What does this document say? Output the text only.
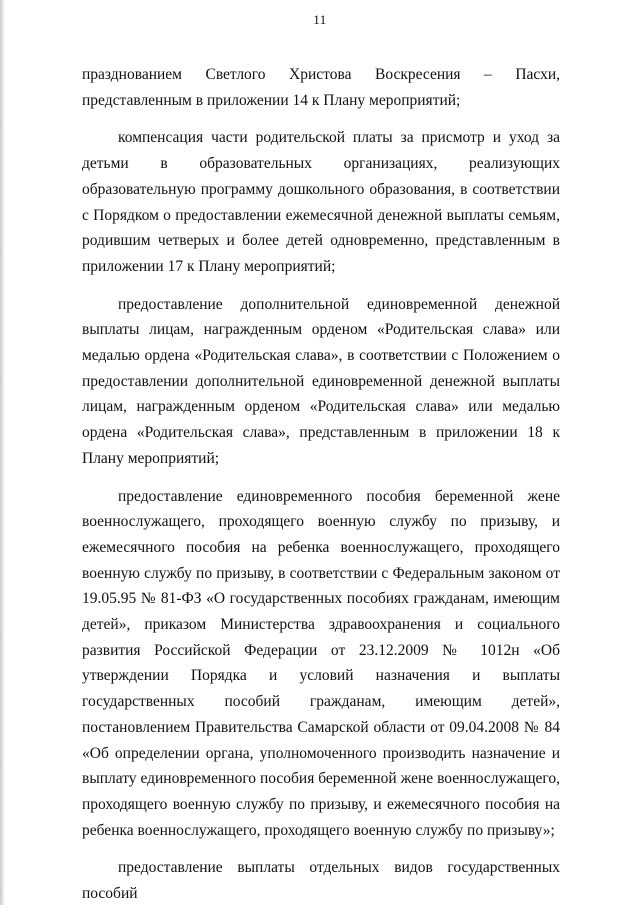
11

празднованием Светлого Христова Воскресения – Пасхи, представленным в приложении 14 к Плану мероприятий;

компенсация части родительской платы за присмотр и уход за детьми в образовательных организациях, реализующих образовательную программу дошкольного образования, в соответствии с Порядком о предоставлении ежемесячной денежной выплаты семьям, родившим четверых и более детей одновременно, представленным в приложении 17 к Плану мероприятий;

предоставление дополнительной единовременной денежной выплаты лицам, награжденным орденом «Родительская слава» или медалью ордена «Родительская слава», в соответствии с Положением о предоставлении дополнительной единовременной денежной выплаты лицам, награжденным орденом «Родительская слава» или медалью ордена «Родительская слава», представленным в приложении 18 к Плану мероприятий;

предоставление единовременного пособия беременной жене военнослужащего, проходящего военную службу по призыву, и ежемесячного пособия на ребенка военнослужащего, проходящего военную службу по призыву, в соответствии с Федеральным законом от 19.05.95 № 81-ФЗ «О государственных пособиях гражданам, имеющим детей», приказом Министерства здравоохранения и социального развития Российской Федерации от 23.12.2009 № 1012н «Об утверждении Порядка и условий назначения и выплаты государственных пособий гражданам, имеющим детей», постановлением Правительства Самарской области от 09.04.2008 № 84 «Об определении органа, уполномоченного производить назначение и выплату единовременного пособия беременной жене военнослужащего, проходящего военную службу по призыву, и ежемесячного пособия на ребенка военнослужащего, проходящего военную службу по призыву»;

предоставление выплаты отдельных видов государственных пособий
